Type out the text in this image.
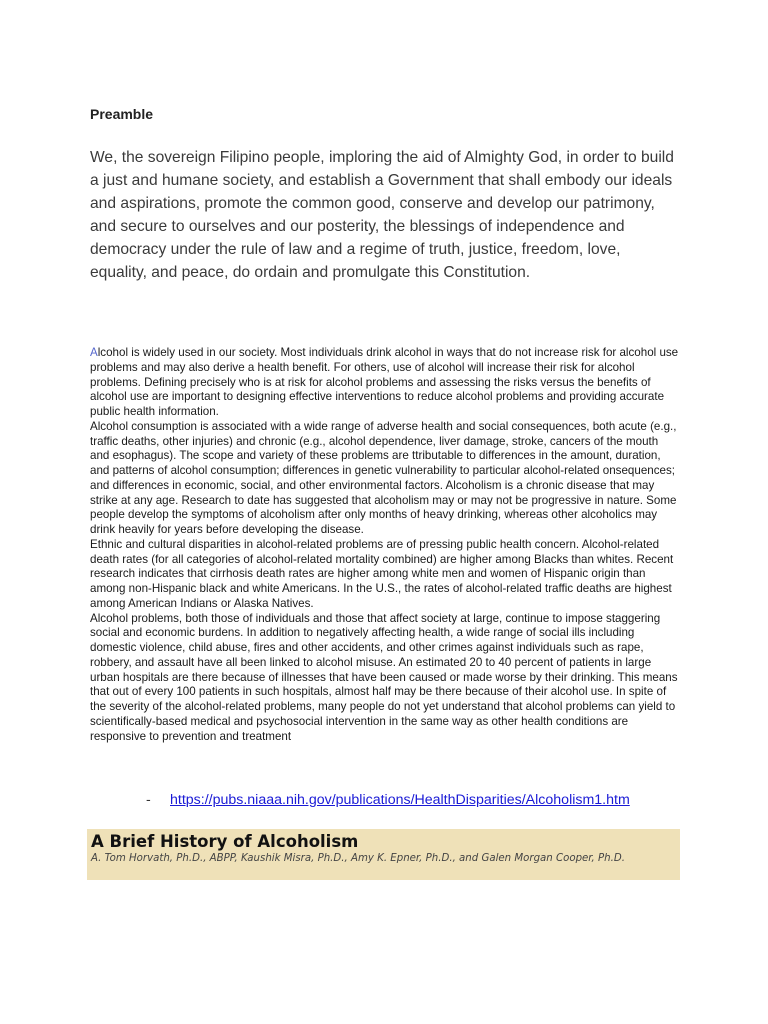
Preamble

We, the sovereign Filipino people, imploring the aid of Almighty God, in order to build a just and humane society, and establish a Government that shall embody our ideals and aspirations, promote the common good, conserve and develop our patrimony, and secure to ourselves and our posterity, the blessings of independence and democracy under the rule of law and a regime of truth, justice, freedom, love, equality, and peace, do ordain and promulgate this Constitution.

Alcohol is widely used in our society. Most individuals drink alcohol in ways that do not increase risk for alcohol use problems and may also derive a health benefit. For others, use of alcohol will increase their risk for alcohol problems. Defining precisely who is at risk for alcohol problems and assessing the risks versus the benefits of alcohol use are important to designing effective interventions to reduce alcohol problems and providing accurate public health information.

Alcohol consumption is associated with a wide range of adverse health and social consequences, both acute (e.g., traffic deaths, other injuries) and chronic (e.g., alcohol dependence, liver damage, stroke, cancers of the mouth and esophagus). The scope and variety of these problems are ttributable to differences in the amount, duration, and patterns of alcohol consumption; differences in genetic vulnerability to particular alcohol-related onsequences; and differences in economic, social, and other environmental factors. Alcoholism is a chronic disease that may strike at any age. Research to date has suggested that alcoholism may or may not be progressive in nature. Some people develop the symptoms of alcoholism after only months of heavy drinking, whereas other alcoholics may drink heavily for years before developing the disease.

Ethnic and cultural disparities in alcohol-related problems are of pressing public health concern. Alcohol-related death rates (for all categories of alcohol-related mortality combined) are higher among Blacks than whites. Recent research indicates that cirrhosis death rates are higher among white men and women of Hispanic origin than among non-Hispanic black and white Americans. In the U.S., the rates of alcohol-related traffic deaths are highest among American Indians or Alaska Natives.

Alcohol problems, both those of individuals and those that affect society at large, continue to impose staggering social and economic burdens. In addition to negatively affecting health, a wide range of social ills including domestic violence, child abuse, fires and other accidents, and other crimes against individuals such as rape, robbery, and assault have all been linked to alcohol misuse. An estimated 20 to 40 percent of patients in large urban hospitals are there because of illnesses that have been caused or made worse by their drinking. This means that out of every 100 patients in such hospitals, almost half may be there because of their alcohol use. In spite of the severity of the alcohol-related problems, many people do not yet understand that alcohol problems can yield to scientifically-based medical and psychosocial intervention in the same way as other health conditions are responsive to prevention and treatment

- https://pubs.niaaa.nih.gov/publications/HealthDisparities/Alcoholism1.htm

A Brief History of Alcoholism

A. Tom Horvath, Ph.D., ABPP, Kaushik Misra, Ph.D., Amy K. Epner, Ph.D., and Galen Morgan Cooper, Ph.D.
